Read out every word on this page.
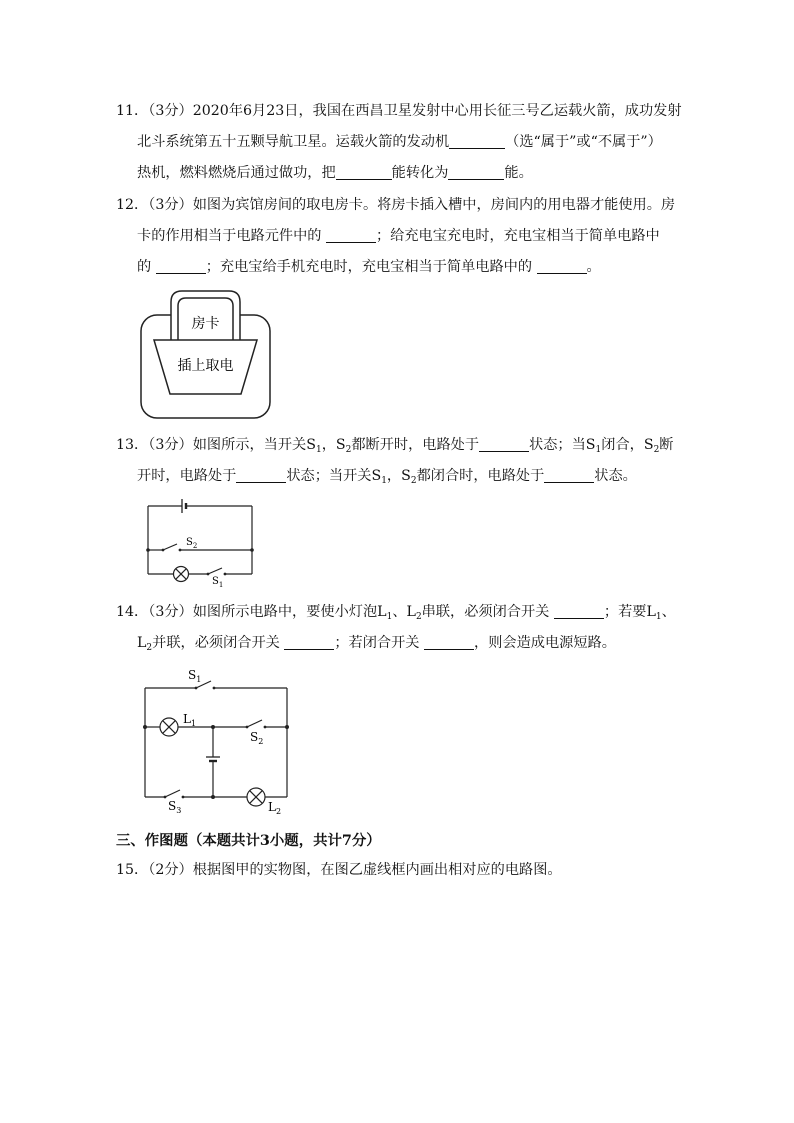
11．（3分）2020年6月23日，我国在西昌卫星发射中心用长征三号乙运载火箭，成功发射
北斗系统第五十五颗导航卫星。运载火箭的发动机	（选“属于”或“不属于”）
热机，燃料燃烧后通过做功，把	能转化为	能。
12．（3分）如图为宾馆房间的取电房卡。将房卡插入槽中，房间内的用电器才能使用。房
卡的作用相当于电路元件中的	；给充电宝充电时，充电宝相当于简单电路中
的	；充电宝给手机充电时，充电宝相当于简单电路中的	。
房卡
插上取电
13．（3分）如图所示，当开关$S_1$，$S_2$都断开时，电路处于	状态；当$S_1$闭合，$S_2$断
开时，电路处于	状态；当开关$S_1$，$S_2$都闭合时，电路处于	状态。
$S_2$
$S_1$
14．（3分）如图所示电路中，要使小灯泡$L_1$、$L_2$串联，必须闭合开关	；若要$L_1$、
$L_2$并联，必须闭合开关	；若闭合开关	，则会造成电源短路。
$S_1$
$L_1$
$S_2$
$S_3$	$L_2$
三、作图题（本题共计3小题，共计7分）
15．（2分）根据图甲的实物图，在图乙虚线框内画出相对应的电路图。
